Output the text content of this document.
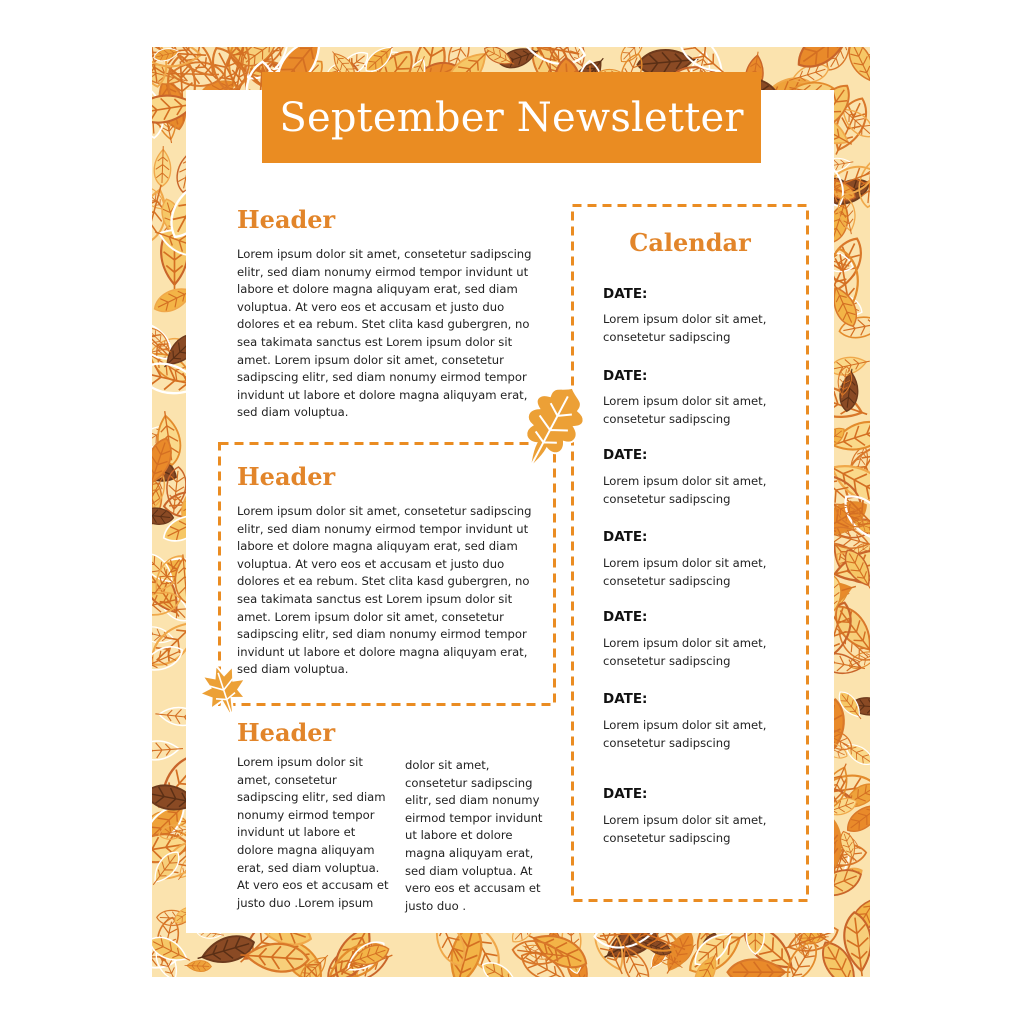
September Newsletter
Header
Lorem ipsum dolor sit amet, consetetur sadipscing elitr, sed diam nonumy eirmod tempor invidunt ut labore et dolore magna aliquyam erat, sed diam voluptua. At vero eos et accusam et justo duo dolores et ea rebum. Stet clita kasd gubergren, no sea takimata sanctus est Lorem ipsum dolor sit amet. Lorem ipsum dolor sit amet, consetetur sadipscing elitr, sed diam nonumy eirmod tempor invidunt ut labore et dolore magna aliquyam erat, sed diam voluptua.
Header
Lorem ipsum dolor sit amet, consetetur sadipscing elitr, sed diam nonumy eirmod tempor invidunt ut labore et dolore magna aliquyam erat, sed diam voluptua. At vero eos et accusam et justo duo dolores et ea rebum. Stet clita kasd gubergren, no sea takimata sanctus est Lorem ipsum dolor sit amet. Lorem ipsum dolor sit amet, consetetur sadipscing elitr, sed diam nonumy eirmod tempor invidunt ut labore et dolore magna aliquyam erat, sed diam voluptua.
Header
Lorem ipsum dolor sit amet, consetetur sadipscing elitr, sed diam nonumy eirmod tempor invidunt ut labore et dolore magna aliquyam erat, sed diam voluptua. At vero eos et accusam et justo duo .Lorem ipsum
dolor sit amet, consetetur sadipscing elitr, sed diam nonumy eirmod tempor invidunt ut labore et dolore magna aliquyam erat, sed diam voluptua. At vero eos et accusam et justo duo .
Calendar
DATE:
Lorem ipsum dolor sit amet, consetetur sadipscing
DATE:
Lorem ipsum dolor sit amet, consetetur sadipscing
DATE:
Lorem ipsum dolor sit amet, consetetur sadipscing
DATE:
Lorem ipsum dolor sit amet, consetetur sadipscing
DATE:
Lorem ipsum dolor sit amet, consetetur sadipscing
DATE:
Lorem ipsum dolor sit amet, consetetur sadipscing
DATE:
Lorem ipsum dolor sit amet, consetetur sadipscing
